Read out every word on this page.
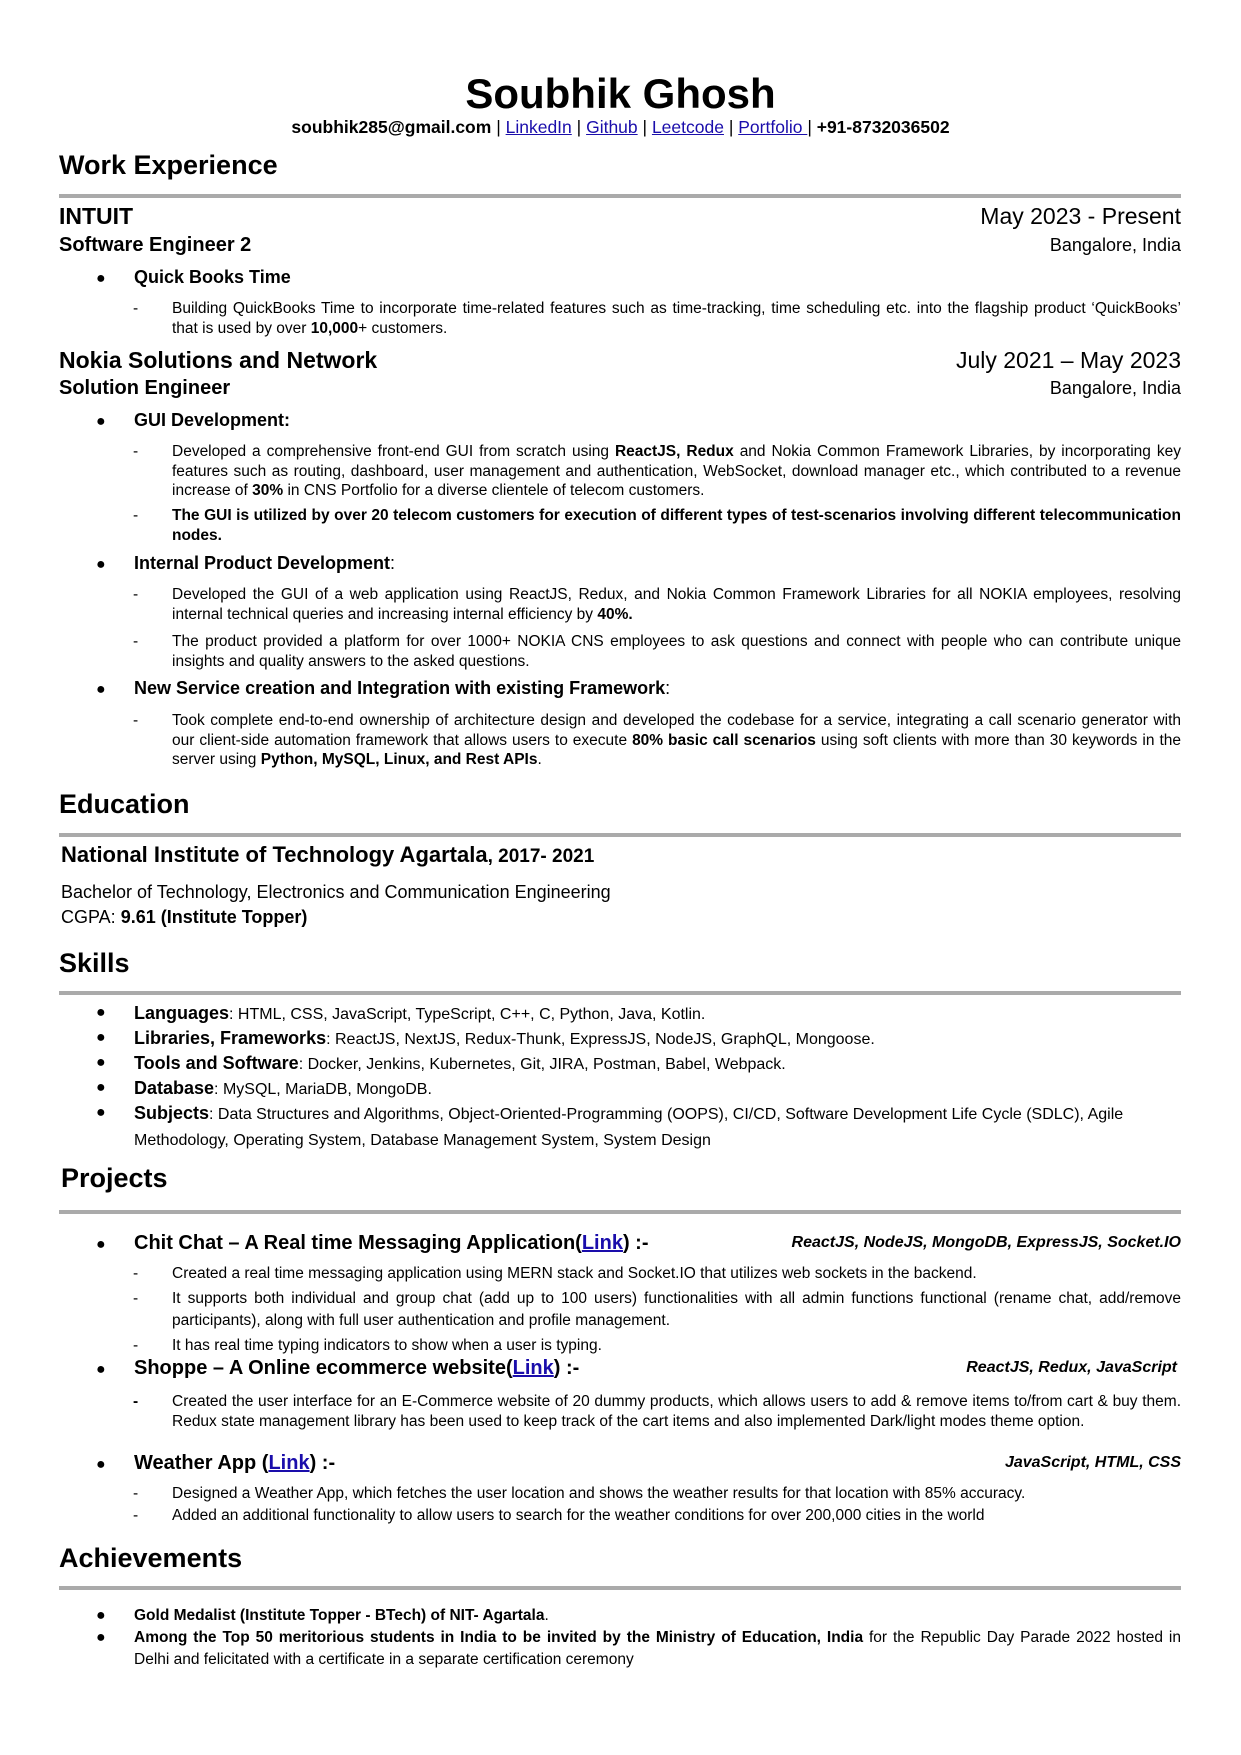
Soubhik Ghosh
soubhik285@gmail.com | LinkedIn | Github | Leetcode | Portfolio | +91-8732036502
Work Experience
INTUIT	May 2023 - Present
Software Engineer 2	Bangalore, India
● Quick Books Time
- Building QuickBooks Time to incorporate time-related features such as time-tracking, time scheduling etc. into the flagship product ‘QuickBooks’ that is used by over 10,000+ customers.
Nokia Solutions and Network	July 2021 – May 2023
Solution Engineer	Bangalore, India
● GUI Development:
- Developed a comprehensive front-end GUI from scratch using ReactJS, Redux and Nokia Common Framework Libraries, by incorporating key features such as routing, dashboard, user management and authentication, WebSocket, download manager etc., which contributed to a revenue increase of 30% in CNS Portfolio for a diverse clientele of telecom customers.
- The GUI is utilized by over 20 telecom customers for execution of different types of test-scenarios involving different telecommunication nodes.
● Internal Product Development:
- Developed the GUI of a web application using ReactJS, Redux, and Nokia Common Framework Libraries for all NOKIA employees, resolving internal technical queries and increasing internal efficiency by 40%.
- The product provided a platform for over 1000+ NOKIA CNS employees to ask questions and connect with people who can contribute unique insights and quality answers to the asked questions.
● New Service creation and Integration with existing Framework:
- Took complete end-to-end ownership of architecture design and developed the codebase for a service, integrating a call scenario generator with our client-side automation framework that allows users to execute 80% basic call scenarios using soft clients with more than 30 keywords in the server using Python, MySQL, Linux, and Rest APIs.
Education
National Institute of Technology Agartala, 2017- 2021
Bachelor of Technology, Electronics and Communication Engineering
CGPA: 9.61 (Institute Topper)
Skills
● Languages: HTML, CSS, JavaScript, TypeScript, C++, C, Python, Java, Kotlin.
● Libraries, Frameworks: ReactJS, NextJS, Redux-Thunk, ExpressJS, NodeJS, GraphQL, Mongoose.
● Tools and Software: Docker, Jenkins, Kubernetes, Git, JIRA, Postman, Babel, Webpack.
● Database: MySQL, MariaDB, MongoDB.
● Subjects: Data Structures and Algorithms, Object-Oriented-Programming (OOPS), CI/CD, Software Development Life Cycle (SDLC), Agile Methodology, Operating System, Database Management System, System Design
Projects
● Chit Chat – A Real time Messaging Application(Link) :-	ReactJS, NodeJS, MongoDB, ExpressJS, Socket.IO
- Created a real time messaging application using MERN stack and Socket.IO that utilizes web sockets in the backend.
- It supports both individual and group chat (add up to 100 users) functionalities with all admin functions functional (rename chat, add/remove participants), along with full user authentication and profile management.
- It has real time typing indicators to show when a user is typing.
● Shoppe – A Online ecommerce website(Link) :-	ReactJS, Redux, JavaScript
- Created the user interface for an E-Commerce website of 20 dummy products, which allows users to add & remove items to/from cart & buy them. Redux state management library has been used to keep track of the cart items and also implemented Dark/light modes theme option.
● Weather App (Link) :-	JavaScript, HTML, CSS
- Designed a Weather App, which fetches the user location and shows the weather results for that location with 85% accuracy.
- Added an additional functionality to allow users to search for the weather conditions for over 200,000 cities in the world
Achievements
● Gold Medalist (Institute Topper - BTech) of NIT- Agartala.
● Among the Top 50 meritorious students in India to be invited by the Ministry of Education, India for the Republic Day Parade 2022 hosted in Delhi and felicitated with a certificate in a separate certification ceremony
